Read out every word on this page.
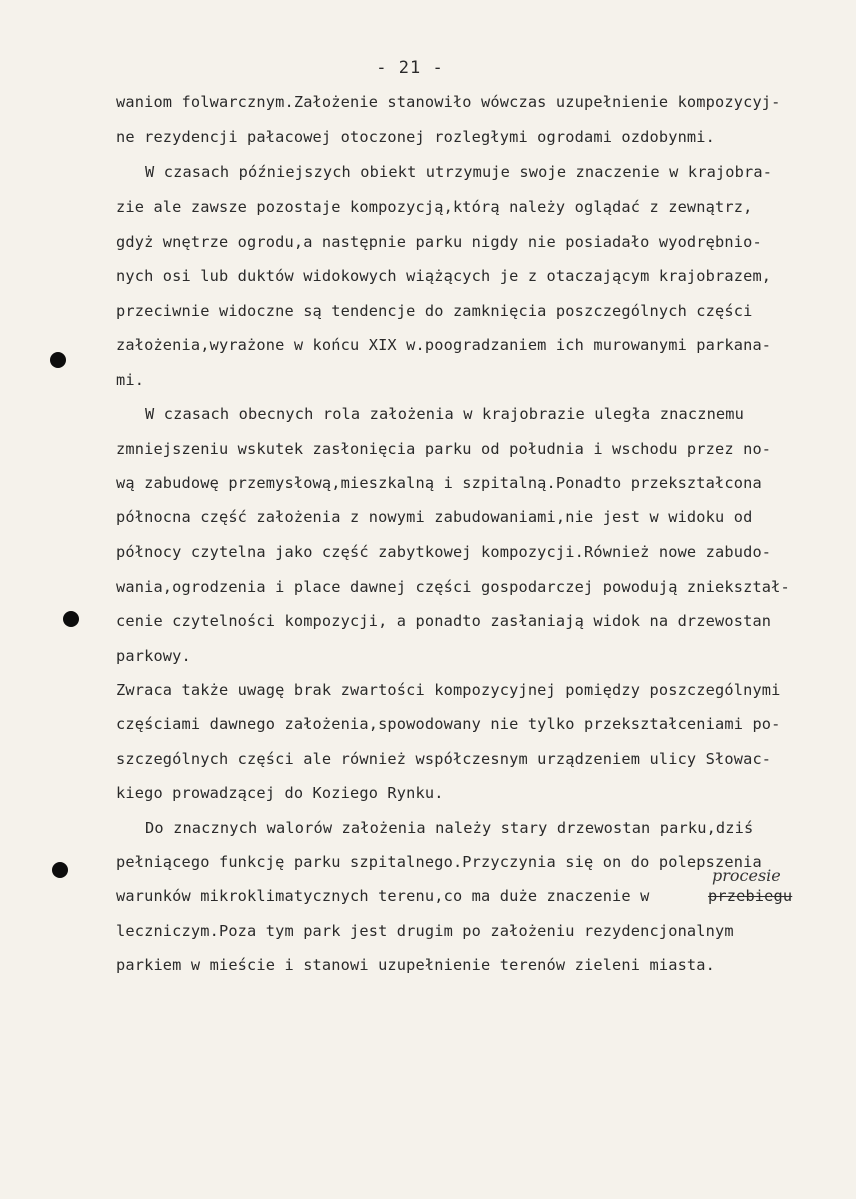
- 21 -
waniom folwarcznym.Założenie stanowiło wówczas uzupełnienie kompozycyj-
ne rezydencji pałacowej otoczonej rozległymi ogrodami ozdobynmi.
W czasach późniejszych obiekt utrzymuje swoje znaczenie w krajobra-
zie ale zawsze pozostaje kompozycją,którą należy oglądać z zewnątrz,
gdyż wnętrze ogrodu,a następnie parku nigdy nie posiadało wyodrębnio-
nych osi lub duktów widokowych wiążących je z otaczającym krajobrazem,
przeciwnie widoczne są tendencje do zamknięcia poszczególnych części
założenia,wyrażone w końcu XIX w.poogradzaniem ich murowanymi parkana-
mi.
W czasach obecnych rola założenia w krajobrazie uległa znacznemu
zmniejszeniu wskutek zasłonięcia parku od południa i wschodu przez no-
wą zabudowę przemysłową,mieszkalną i szpitalną.Ponadto przekształcona
północna część założenia z nowymi zabudowaniami,nie jest w widoku od
północy czytelna jako część zabytkowej kompozycji.Również nowe zabudo-
wania,ogrodzenia i place dawnej części gospodarczej powodują zniekształ-
cenie czytelności kompozycji, a ponadto zasłaniają widok na drzewostan
parkowy.
Zwraca także uwagę brak zwartości kompozycyjnej pomiędzy poszczególnymi
częściami dawnego założenia,spowodowany nie tylko przekształceniami po-
szczególnych części ale również współczesnym urządzeniem ulicy Słowac-
kiego prowadzącej do Koziego Rynku.
Do znacznych walorów założenia należy stary drzewostan parku,dziś
pełniącego funkcję parku szpitalnego.Przyczynia się on do polepszenia
warunków mikroklimatycznych terenu,co ma duże znaczenie w	przebiegu
procesie
leczniczym.Poza tym park jest drugim po założeniu rezydencjonalnym
parkiem w mieście i stanowi uzupełnienie terenów zieleni miasta.
